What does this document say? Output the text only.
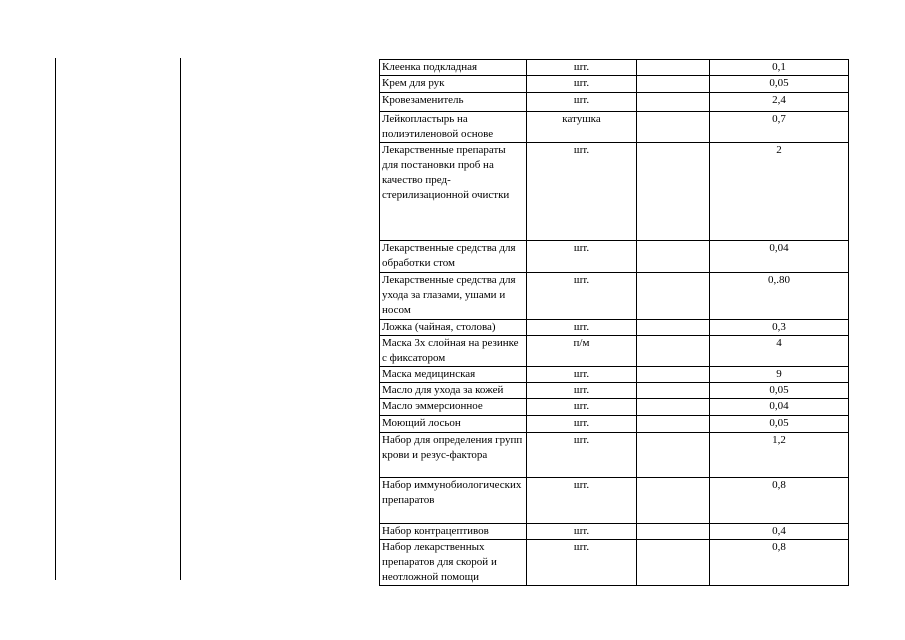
Клеенка подкладная	шт.		0,1
Крем для рук	шт.		0,05
Кровезаменитель	шт.		2,4
Лейкопластырь на полиэтиленовой основе	катушка		0,7
Лекарственные препараты для постановки проб на качество пред-стерилизационной очистки	шт.		2
Лекарственные средства для обработки стом	шт.		0,04
Лекарственные средства для ухода за глазами, ушами и носом	шт.		0,.80
Ложка (чайная, столова)	шт.		0,3
Маска 3х слойная на резинке с фиксатором	п/м		4
Маска медицинская	шт.		9
Масло для ухода за кожей	шт.		0,05
Масло эммерсионное	шт.		0,04
Моющий лосьон	шт.		0,05
Набор для определения групп крови и резус-фактора	шт.		1,2
Набор иммунобиологических препаратов	шт.		0,8
Набор контрацептивов	шт.		0,4
Набор лекарственных препаратов для скорой и неотложной помощи	шт.		0,8
